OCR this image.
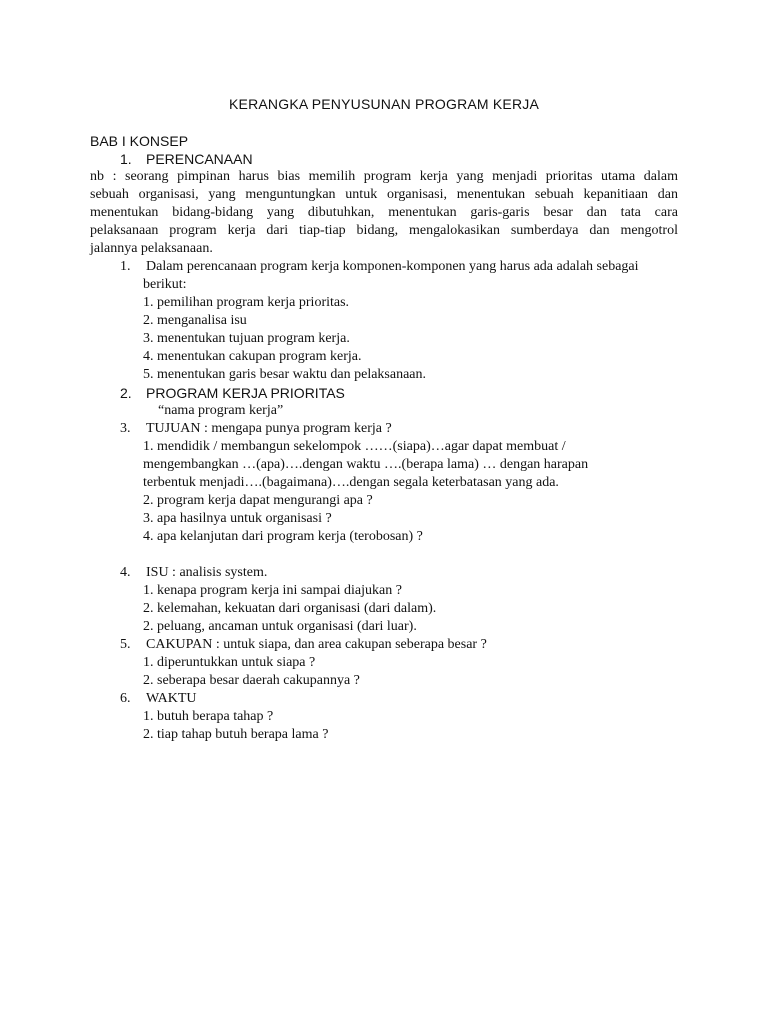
KERANGKA PENYUSUNAN PROGRAM KERJA
BAB I KONSEP
1. PERENCANAAN
nb : seorang pimpinan harus bias memilih program kerja yang menjadi prioritas utama dalam
sebuah organisasi, yang menguntungkan untuk organisasi, menentukan sebuah kepanitiaan dan
menentukan bidang-bidang yang dibutuhkan, menentukan garis-garis besar dan tata cara
pelaksanaan program kerja dari tiap-tiap bidang, mengalokasikan sumberdaya dan mengotrol
jalannya pelaksanaan.
1. Dalam perencanaan program kerja komponen-komponen yang harus ada adalah sebagai
berikut:
1. pemilihan program kerja prioritas.
2. menganalisa isu
3. menentukan tujuan program kerja.
4. menentukan cakupan program kerja.
5. menentukan garis besar waktu dan pelaksanaan.
2. PROGRAM KERJA PRIORITAS
“nama program kerja”
3. TUJUAN : mengapa punya program kerja ?
1. mendidik / membangun sekelompok ……(siapa)…agar dapat membuat /
mengembangkan …(apa)….dengan waktu ….(berapa lama) … dengan harapan
terbentuk menjadi….(bagaimana)….dengan segala keterbatasan yang ada.
2. program kerja dapat mengurangi apa ?
3. apa hasilnya untuk organisasi ?
4. apa kelanjutan dari program kerja (terobosan) ?
4. ISU : analisis system.
1. kenapa program kerja ini sampai diajukan ?
2. kelemahan, kekuatan dari organisasi (dari dalam).
2. peluang, ancaman untuk organisasi (dari luar).
5. CAKUPAN : untuk siapa, dan area cakupan seberapa besar ?
1. diperuntukkan untuk siapa ?
2. seberapa besar daerah cakupannya ?
6. WAKTU
1. butuh berapa tahap ?
2. tiap tahap butuh berapa lama ?
